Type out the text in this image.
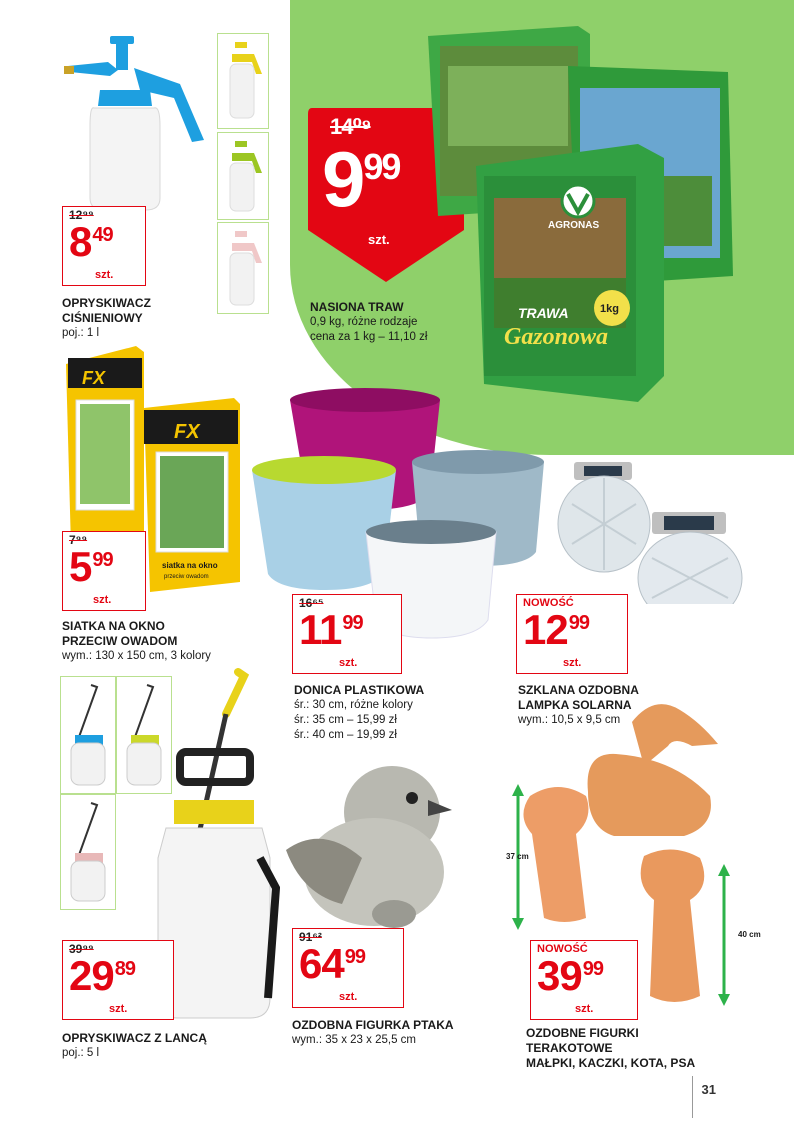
12⁹⁹
849
szt.
OPRYSKIWACZ
CIŚNIENIOWY
poj.: 1 l
14⁰⁹
999
szt.
AGRONAS
TRAWA
Gazonowa
1kg
NASIONA TRAW
0,9 kg, różne rodzaje
cena za 1 kg – 11,10 zł
FX
FX
siatka na okno
przeciw owadom
7⁹⁹
599
szt.
SIATKA NA OKNO
PRZECIW OWADOM
wym.: 130 x 150 cm, 3 kolory
16⁶⁵
1199
szt.
DONICA PLASTIKOWA
śr.: 30 cm, różne kolory
śr.: 35 cm – 15,99 zł
śr.: 40 cm – 19,99 zł
NOWOŚĆ
1299
szt.
SZKLANA OZDOBNA
LAMPKA SOLARNA
wym.: 10,5 x 9,5 cm
39⁹⁹
2989
szt.
OPRYSKIWACZ Z LANCĄ
poj.: 5 l
91⁶²
6499
szt.
OZDOBNA FIGURKA PTAKA
wym.: 35 x 23 x 25,5 cm
37 cm
40 cm
NOWOŚĆ
3999
szt.
OZDOBNE FIGURKI
TERAKOTOWE
MAŁPKI, KACZKI, KOTA, PSA
31
